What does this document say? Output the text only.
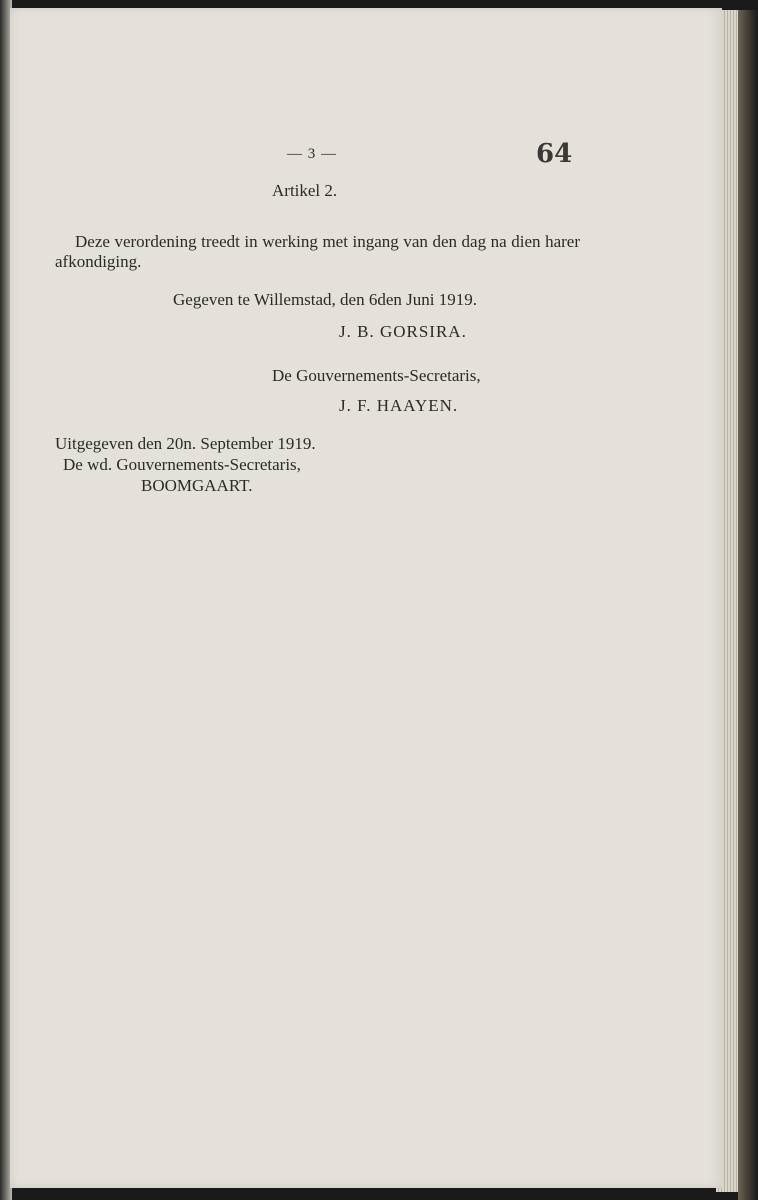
— 3 —	64
Artikel 2.
Deze verordening treedt in werking met ingang van den dag na dien harer afkondiging.
Gegeven te Willemstad, den 6den Juni 1919.
J. B. GORSIRA.
De Gouvernements-Secretaris,
J. F. HAAYEN.
Uitgegeven den 20n. September 1919.
De wd. Gouvernements-Secretaris,
BOOMGAART.
